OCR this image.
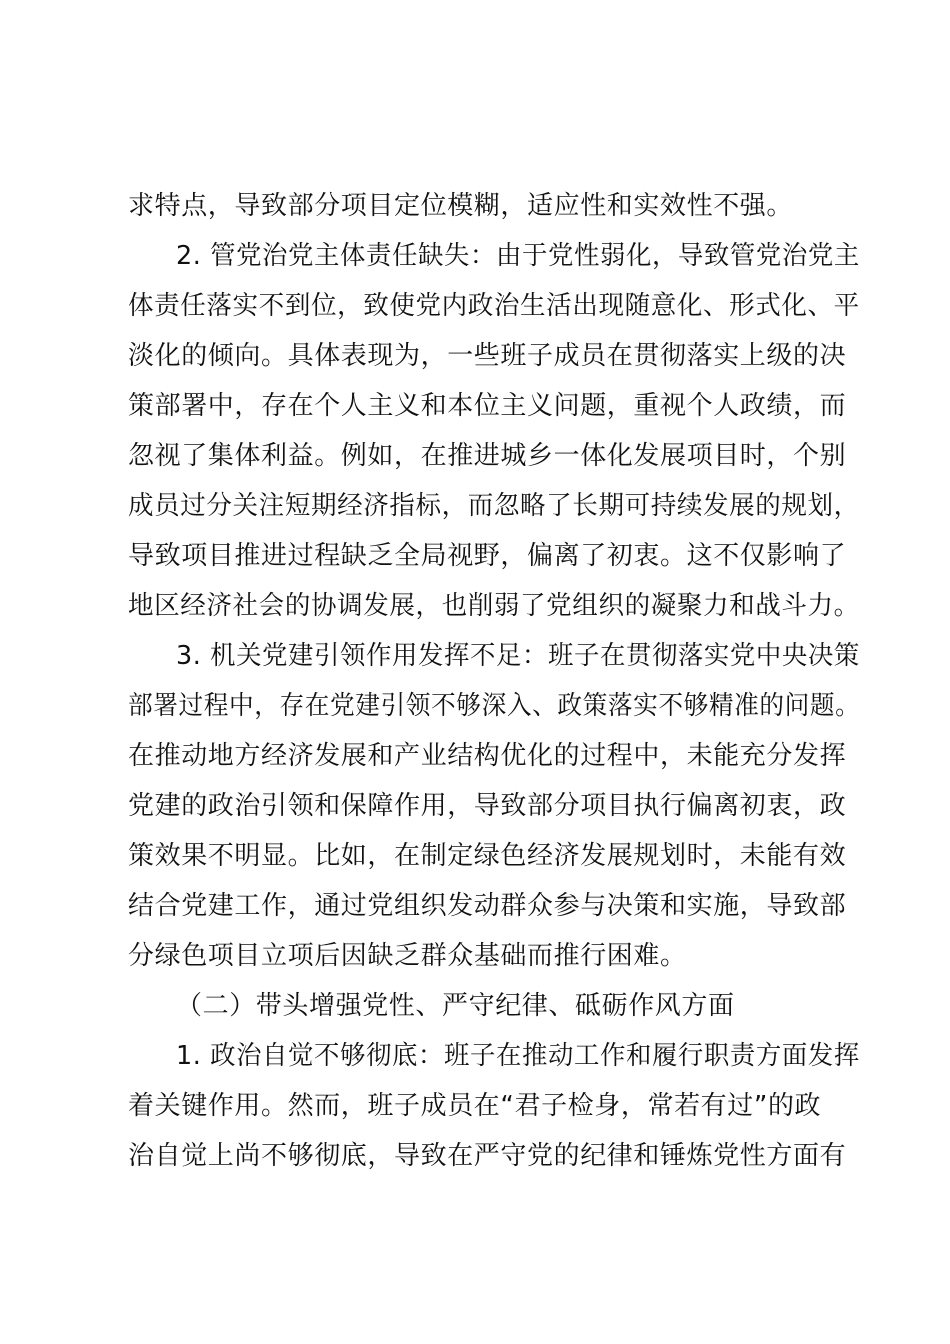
求特点，导致部分项目定位模糊，适应性和实效性不强。
2. 管党治党主体责任缺失：由于党性弱化，导致管党治党主
体责任落实不到位，致使党内政治生活出现随意化、形式化、平
淡化的倾向。具体表现为，一些班子成员在贯彻落实上级的决
策部署中，存在个人主义和本位主义问题，重视个人政绩，而
忽视了集体利益。例如，在推进城乡一体化发展项目时，个别
成员过分关注短期经济指标，而忽略了长期可持续发展的规划，
导致项目推进过程缺乏全局视野，偏离了初衷。这不仅影响了
地区经济社会的协调发展，也削弱了党组织的凝聚力和战斗力。
3. 机关党建引领作用发挥不足：班子在贯彻落实党中央决策
部署过程中，存在党建引领不够深入、政策落实不够精准的问题。
在推动地方经济发展和产业结构优化的过程中，未能充分发挥
党建的政治引领和保障作用，导致部分项目执行偏离初衷，政
策效果不明显。比如，在制定绿色经济发展规划时，未能有效
结合党建工作，通过党组织发动群众参与决策和实施，导致部
分绿色项目立项后因缺乏群众基础而推行困难。
（二）带头增强党性、严守纪律、砥砺作风方面
1. 政治自觉不够彻底：班子在推动工作和履行职责方面发挥
着关键作用。然而，班子成员在“君子检身，常若有过”的政
治自觉上尚不够彻底，导致在严守党的纪律和锤炼党性方面有
